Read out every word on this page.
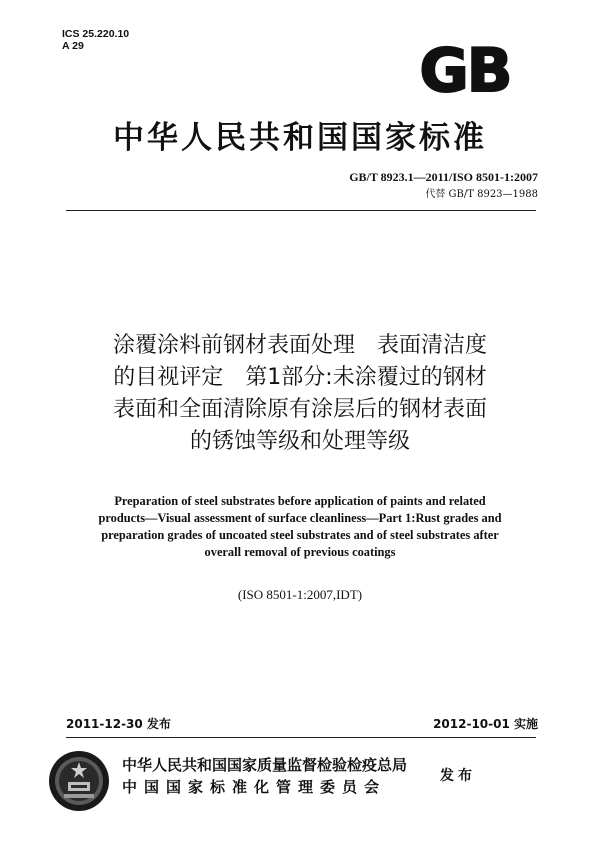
ICS 25.220.10
A 29	GB
中华人民共和国国家标准
GB/T 8923.1—2011/ISO 8501-1:2007
代替 GB/T 8923—1988
涂覆涂料前钢材表面处理　表面清洁度
的目视评定　第1部分:未涂覆过的钢材
表面和全面清除原有涂层后的钢材表面
的锈蚀等级和处理等级
Preparation of steel substrates before application of paints and related
products—Visual assessment of surface cleanliness—Part 1:Rust grades and
preparation grades of uncoated steel substrates and of steel substrates after
overall removal of previous coatings
(ISO 8501-1:2007,IDT)
2011-12-30 发布	2012-10-01 实施
中华人民共和国国家质量监督检验检疫总局
中国国家标准化管理委员会
发布
